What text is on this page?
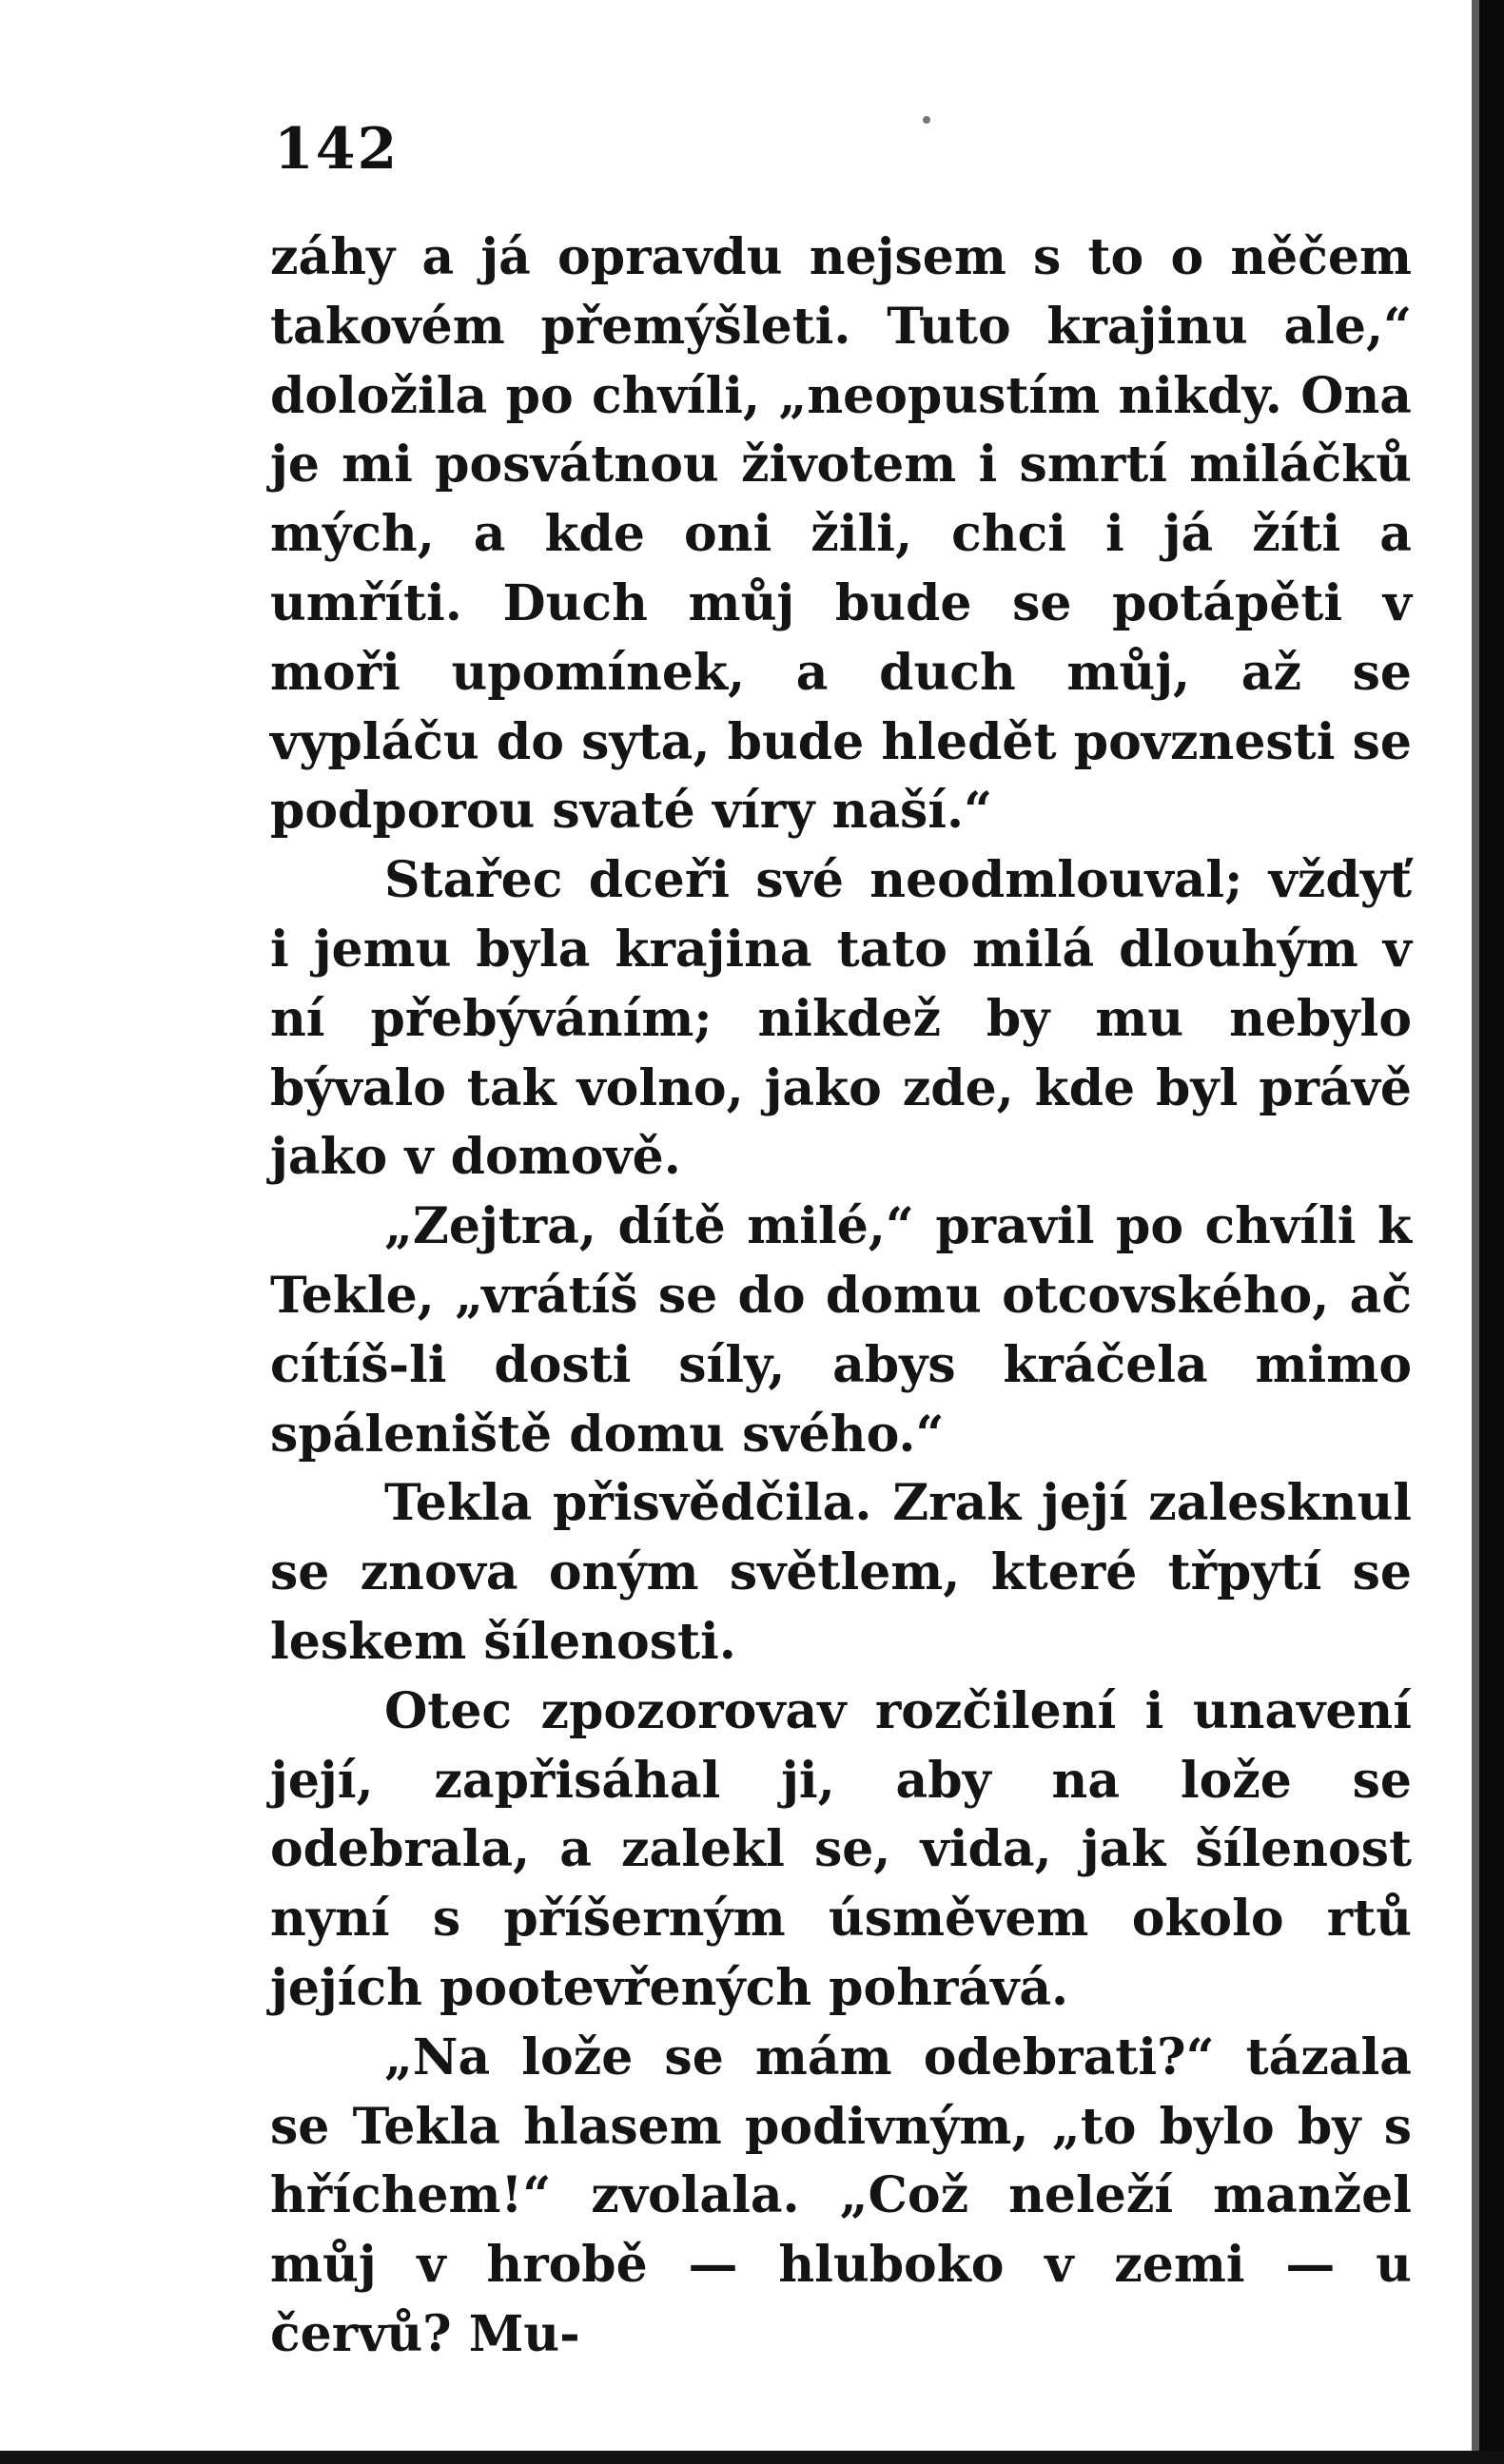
142

záhy a já opravdu nejsem s to o něčem takovém přemýšleti. Tuto krajinu ale,“ doložila po chvíli, „neopustím nikdy. Ona je mi posvátnou životem i smrtí miláčků mých, a kde oni žili, chci i já žíti a umříti. Duch můj bude se potápěti v moři upomínek, a duch můj, až se vypláču do syta, bude hledět povznesti se podporou svaté víry naší.“

Stařec dceři své neodmlouval; vždyť i jemu byla krajina tato milá dlouhým v ní přebýváním; nikdež by mu nebylo bývalo tak volno, jako zde, kde byl právě jako v domově.

„Zejtra, dítě milé,“ pravil po chvíli k Tekle, „vrátíš se do domu otcovského, ač cítíš-li dosti síly, abys kráčela mimo spáleniště domu svého.“

Tekla přisvědčila. Zrak její zalesknul se znova oným světlem, které třpytí se leskem šílenosti.

Otec zpozorovav rozčilení i unavení její, zapřisáhal ji, aby na lože se odebrala, a zalekl se, vida, jak šílenost nyní s příšerným úsměvem okolo rtů jejích pootevřených pohrává.

„Na lože se mám odebrati?“ tázala se Tekla hlasem podivným, „to bylo by s hříchem!“ zvolala. „Což neleží manžel můj v hrobě — hluboko v zemi — u červů? Mu-
